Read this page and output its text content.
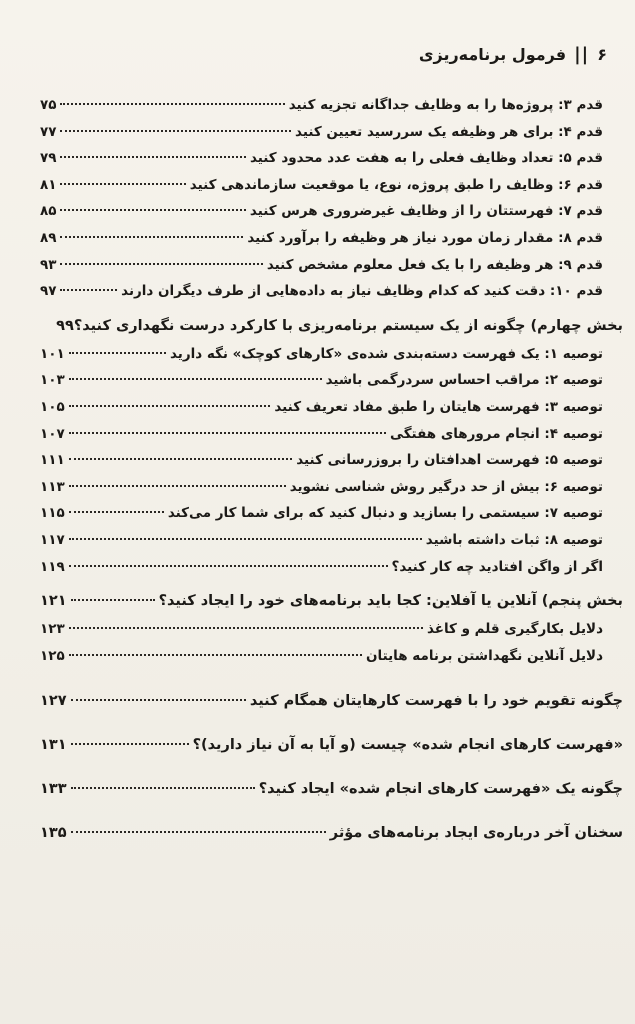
۶
||
فرمول برنامه‌ریزی
قدم ۳: پروژه‌ها را به وظایف جداگانه تجزیه کنید
۷۵
قدم ۴: برای هر وظیفه یک سررسید تعیین کنید
۷۷
قدم ۵: تعداد وظایف فعلی را به هفت عدد محدود کنید
۷۹
قدم ۶: وظایف را طبق پروژه، نوع، یا موقعیت سازماندهی کنید
۸۱
قدم ۷: فهرستتان را از وظایف غیرضروری هرس کنید
۸۵
قدم ۸: مقدار زمان مورد نیاز هر وظیفه را برآورد کنید
۸۹
قدم ۹: هر وظیفه را با یک فعل معلوم مشخص کنید
۹۳
قدم ۱۰: دقت کنید که کدام وظایف نیاز به داده‌هایی از طرف دیگران دارند
۹۷
بخش چهارم) چگونه از یک سیستم برنامه‌ریزی با کارکرد درست نگهداری کنید؟
۹۹
توصیه ۱: یک فهرست دسته‌بندی شده‌ی «کارهای کوچک» نگه دارید
۱۰۱
توصیه ۲: مراقب احساس سردرگمی باشید
۱۰۳
توصیه ۳: فهرست هایتان را طبق مفاد تعریف کنید
۱۰۵
توصیه ۴: انجام مرورهای هفتگی
۱۰۷
توصیه ۵: فهرست اهدافتان را بروزرسانی کنید
۱۱۱
توصیه ۶: بیش از حد درگیر روش شناسی نشوید
۱۱۳
توصیه ۷: سیستمی را بسازید و دنبال کنید که برای شما کار می‌کند
۱۱۵
توصیه ۸: ثبات داشته باشید
۱۱۷
اگر از واگن افتادید چه کار کنید؟
۱۱۹
بخش پنجم) آنلاین یا آفلاین: کجا باید برنامه‌های خود را ایجاد کنید؟
۱۲۱
دلایل بکارگیری قلم و کاغذ
۱۲۳
دلایل آنلاین نگهداشتن برنامه هایتان
۱۲۵
چگونه تقویم خود را با فهرست کارهایتان همگام کنید
۱۲۷
«فهرست کارهای انجام شده» چیست (و آیا به آن نیاز دارید)؟
۱۳۱
چگونه یک «فهرست کارهای انجام شده» ایجاد کنید؟
۱۳۳
سخنان آخر درباره‌ی ایجاد برنامه‌های مؤثر
۱۳۵
